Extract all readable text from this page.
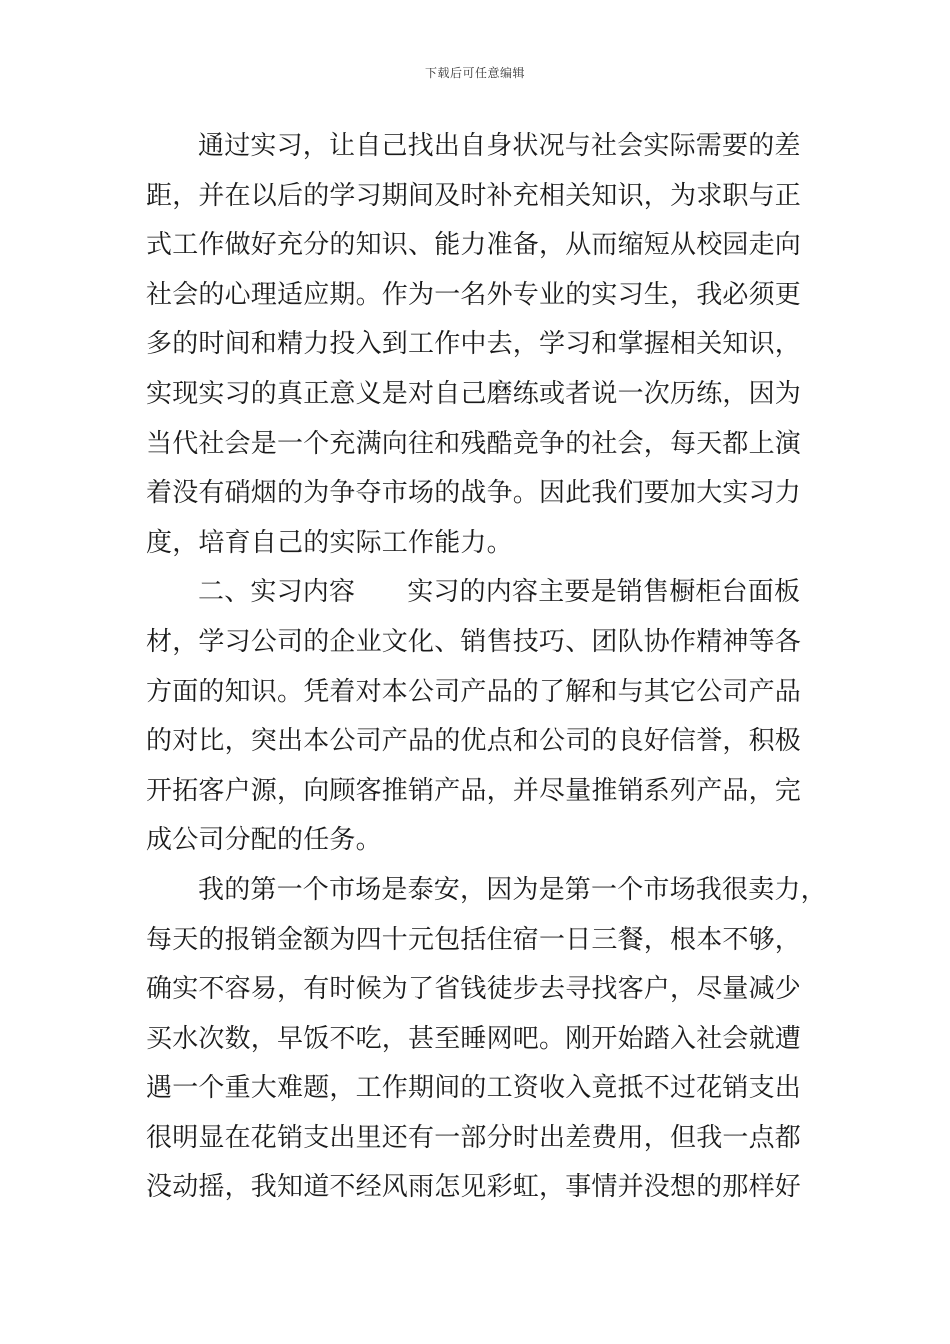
下载后可任意编辑
通过实习，让自己找出自身状况与社会实际需要的差
距，并在以后的学习期间及时补充相关知识，为求职与正
式工作做好充分的知识、能力准备，从而缩短从校园走向
社会的心理适应期。作为一名外专业的实习生，我必须更
多的时间和精力投入到工作中去，学习和掌握相关知识，
实现实习的真正意义是对自己磨练或者说一次历练，因为
当代社会是一个充满向往和残酷竞争的社会，每天都上演
着没有硝烟的为争夺市场的战争。因此我们要加大实习力
度，培育自己的实际工作能力。
二、实习内容 实习的内容主要是销售橱柜台面板
材，学习公司的企业文化、销售技巧、团队协作精神等各
方面的知识。凭着对本公司产品的了解和与其它公司产品
的对比，突出本公司产品的优点和公司的良好信誉，积极
开拓客户源，向顾客推销产品，并尽量推销系列产品，完
成公司分配的任务。
我的第一个市场是泰安，因为是第一个市场我很卖力，
每天的报销金额为四十元包括住宿一日三餐，根本不够，
确实不容易，有时候为了省钱徒步去寻找客户，尽量减少
买水次数，早饭不吃，甚至睡网吧。刚开始踏入社会就遭
遇一个重大难题，工作期间的工资收入竟抵不过花销支出
很明显在花销支出里还有一部分时出差费用，但我一点都
没动摇，我知道不经风雨怎见彩虹，事情并没想的那样好
